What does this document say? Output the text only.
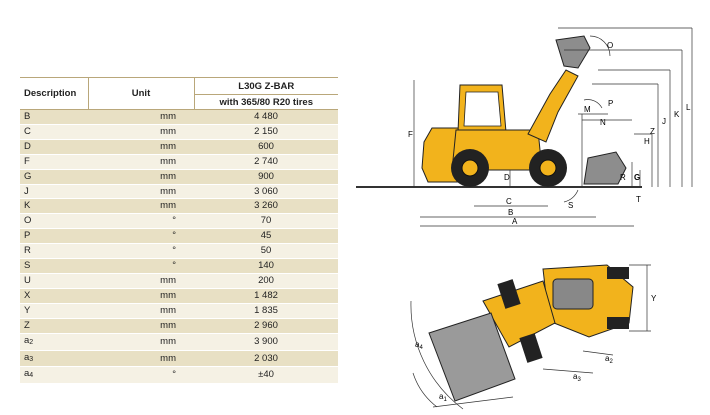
Description	Unit	L30G Z-BAR
		with 365/80 R20 tires
B	mm	4 480
C	mm	2 150
D	mm	600
F	mm	2 740
G	mm	900
J	mm	3 060
K	mm	3 260
O	°	70
P	°	45
R	°	50
S	°	140
U	mm	200
X	mm	1 482
Y	mm	1 835
Z	mm	2 960
a2	mm	3 900
a3	mm	2 030
a4	°	±40
O
P
M
N
H
Z
J
K
L
F
D	R G
T
C	S
B
A
Y
$a_4$
$a_2$
$a_3$
$a_1$
